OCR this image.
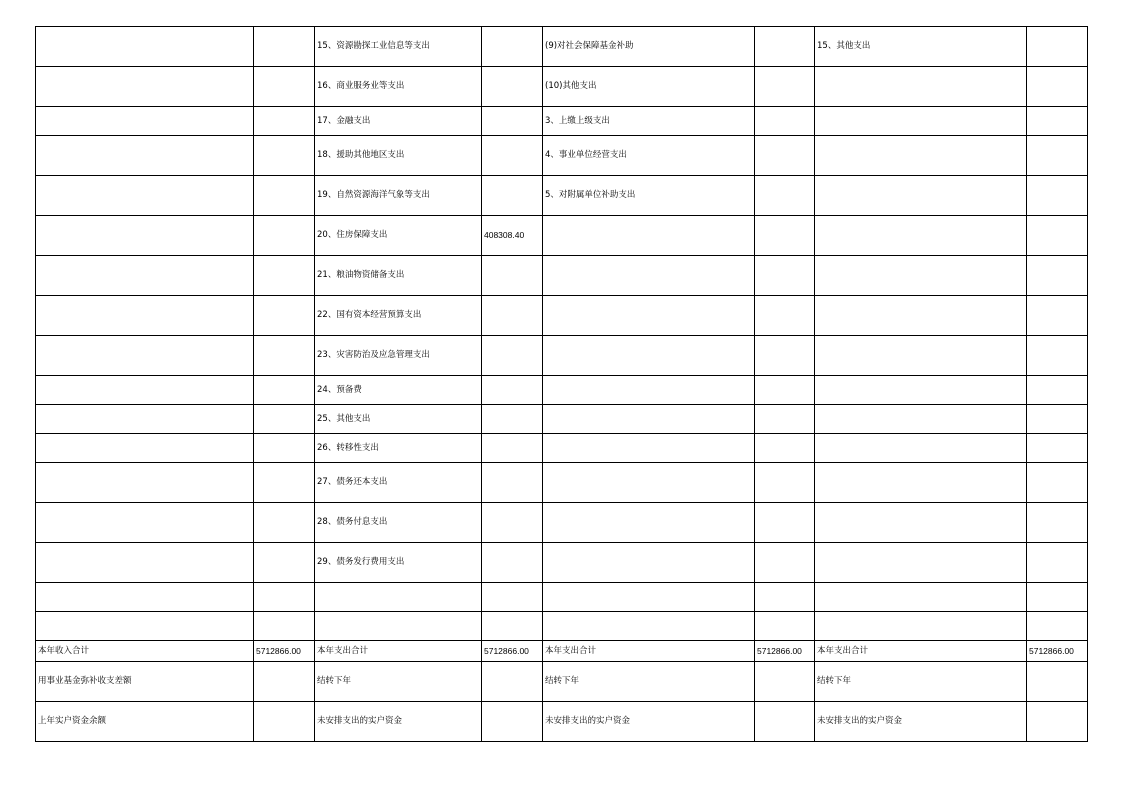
		15、资源勘探工业信息等支出		(9)对社会保障基金补助		15、其他支出	
		16、商业服务业等支出		(10)其他支出			
		17、金融支出		3、上缴上级支出			
		18、援助其他地区支出		4、事业单位经营支出			
		19、自然资源海洋气象等支出		5、对附属单位补助支出			
		20、住房保障支出	408308.40				
		21、粮油物资储备支出					
		22、国有资本经营预算支出					
		23、灾害防治及应急管理支出					
		24、预备费					
		25、其他支出					
		26、转移性支出					
		27、债务还本支出					
		28、债务付息支出					
		29、债务发行费用支出					

本年收入合计	5712866.00	本年支出合计	5712866.00	本年支出合计	5712866.00	本年支出合计	5712866.00
用事业基金弥补收支差额		结转下年		结转下年		结转下年	
上年实户资金余额		未安排支出的实户资金		未安排支出的实户资金		未安排支出的实户资金	
